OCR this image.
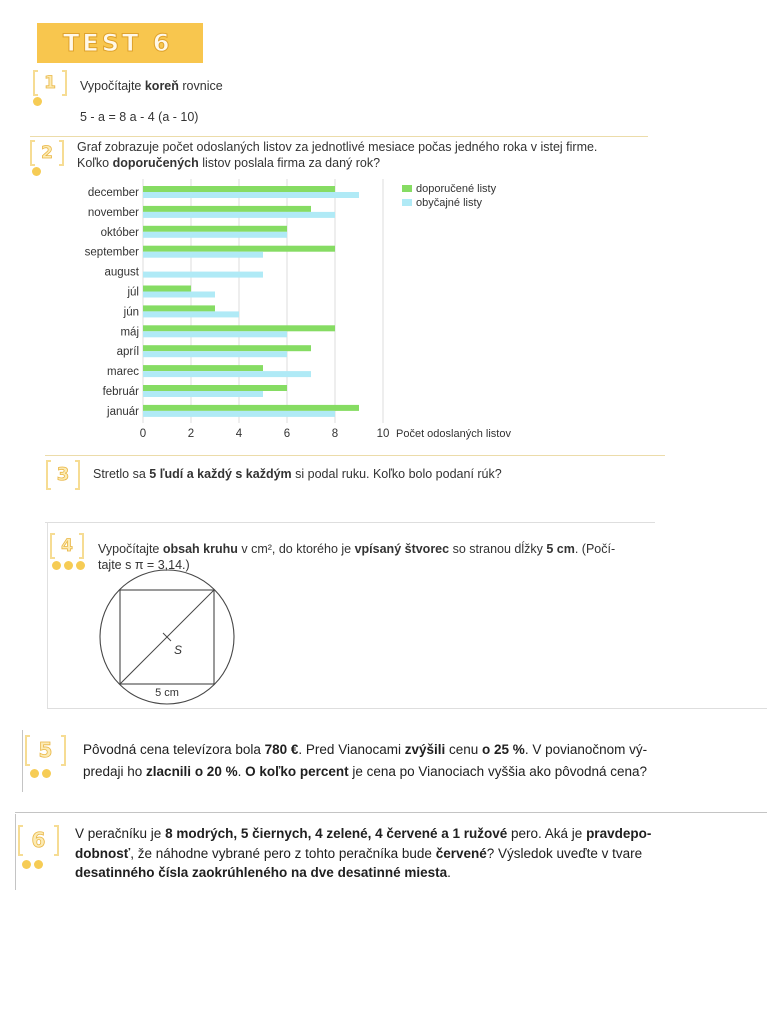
TEST 6
1	Vypočítajte koreň rovnice
5 - a = 8 a - 4 (a - 10)
2	Graf zobrazuje počet odoslaných listov za jednotlivé mesiace počas jedného roka v istej firme.
Koľko doporučených listov poslala firma za daný rok?
december
november
október
september
august
júl
jún
máj
apríl
marec
február
január
0	2	4	6	8	10
doporučené listy
obyčajné listy
Počet odoslaných listov
3	Stretlo sa 5 ľudí a každý s každým si podal ruku. Koľko bolo podaní rúk?
4	Vypočítajte obsah kruhu v cm², do ktorého je vpísaný štvorec so stranou dĺžky 5 cm. (Počí-
tajte s π = 3,14.)
S
5 cm
5	Pôvodná cena televízora bola 780 €. Pred Vianocami zvýšili cenu o 25 %. V povianočnom vý-
predaji ho zlacnili o 20 %. O koľko percent je cena po Vianociach vyššia ako pôvodná cena?
6	V peračníku je 8 modrých, 5 čiernych, 4 zelené, 4 červené a 1 ružové pero. Aká je pravdepo-
dobnosť, že náhodne vybrané pero z tohto peračníka bude červené? Výsledok uveďte v tvare
desatinného čísla zaokrúhleného na dve desatinné miesta.
